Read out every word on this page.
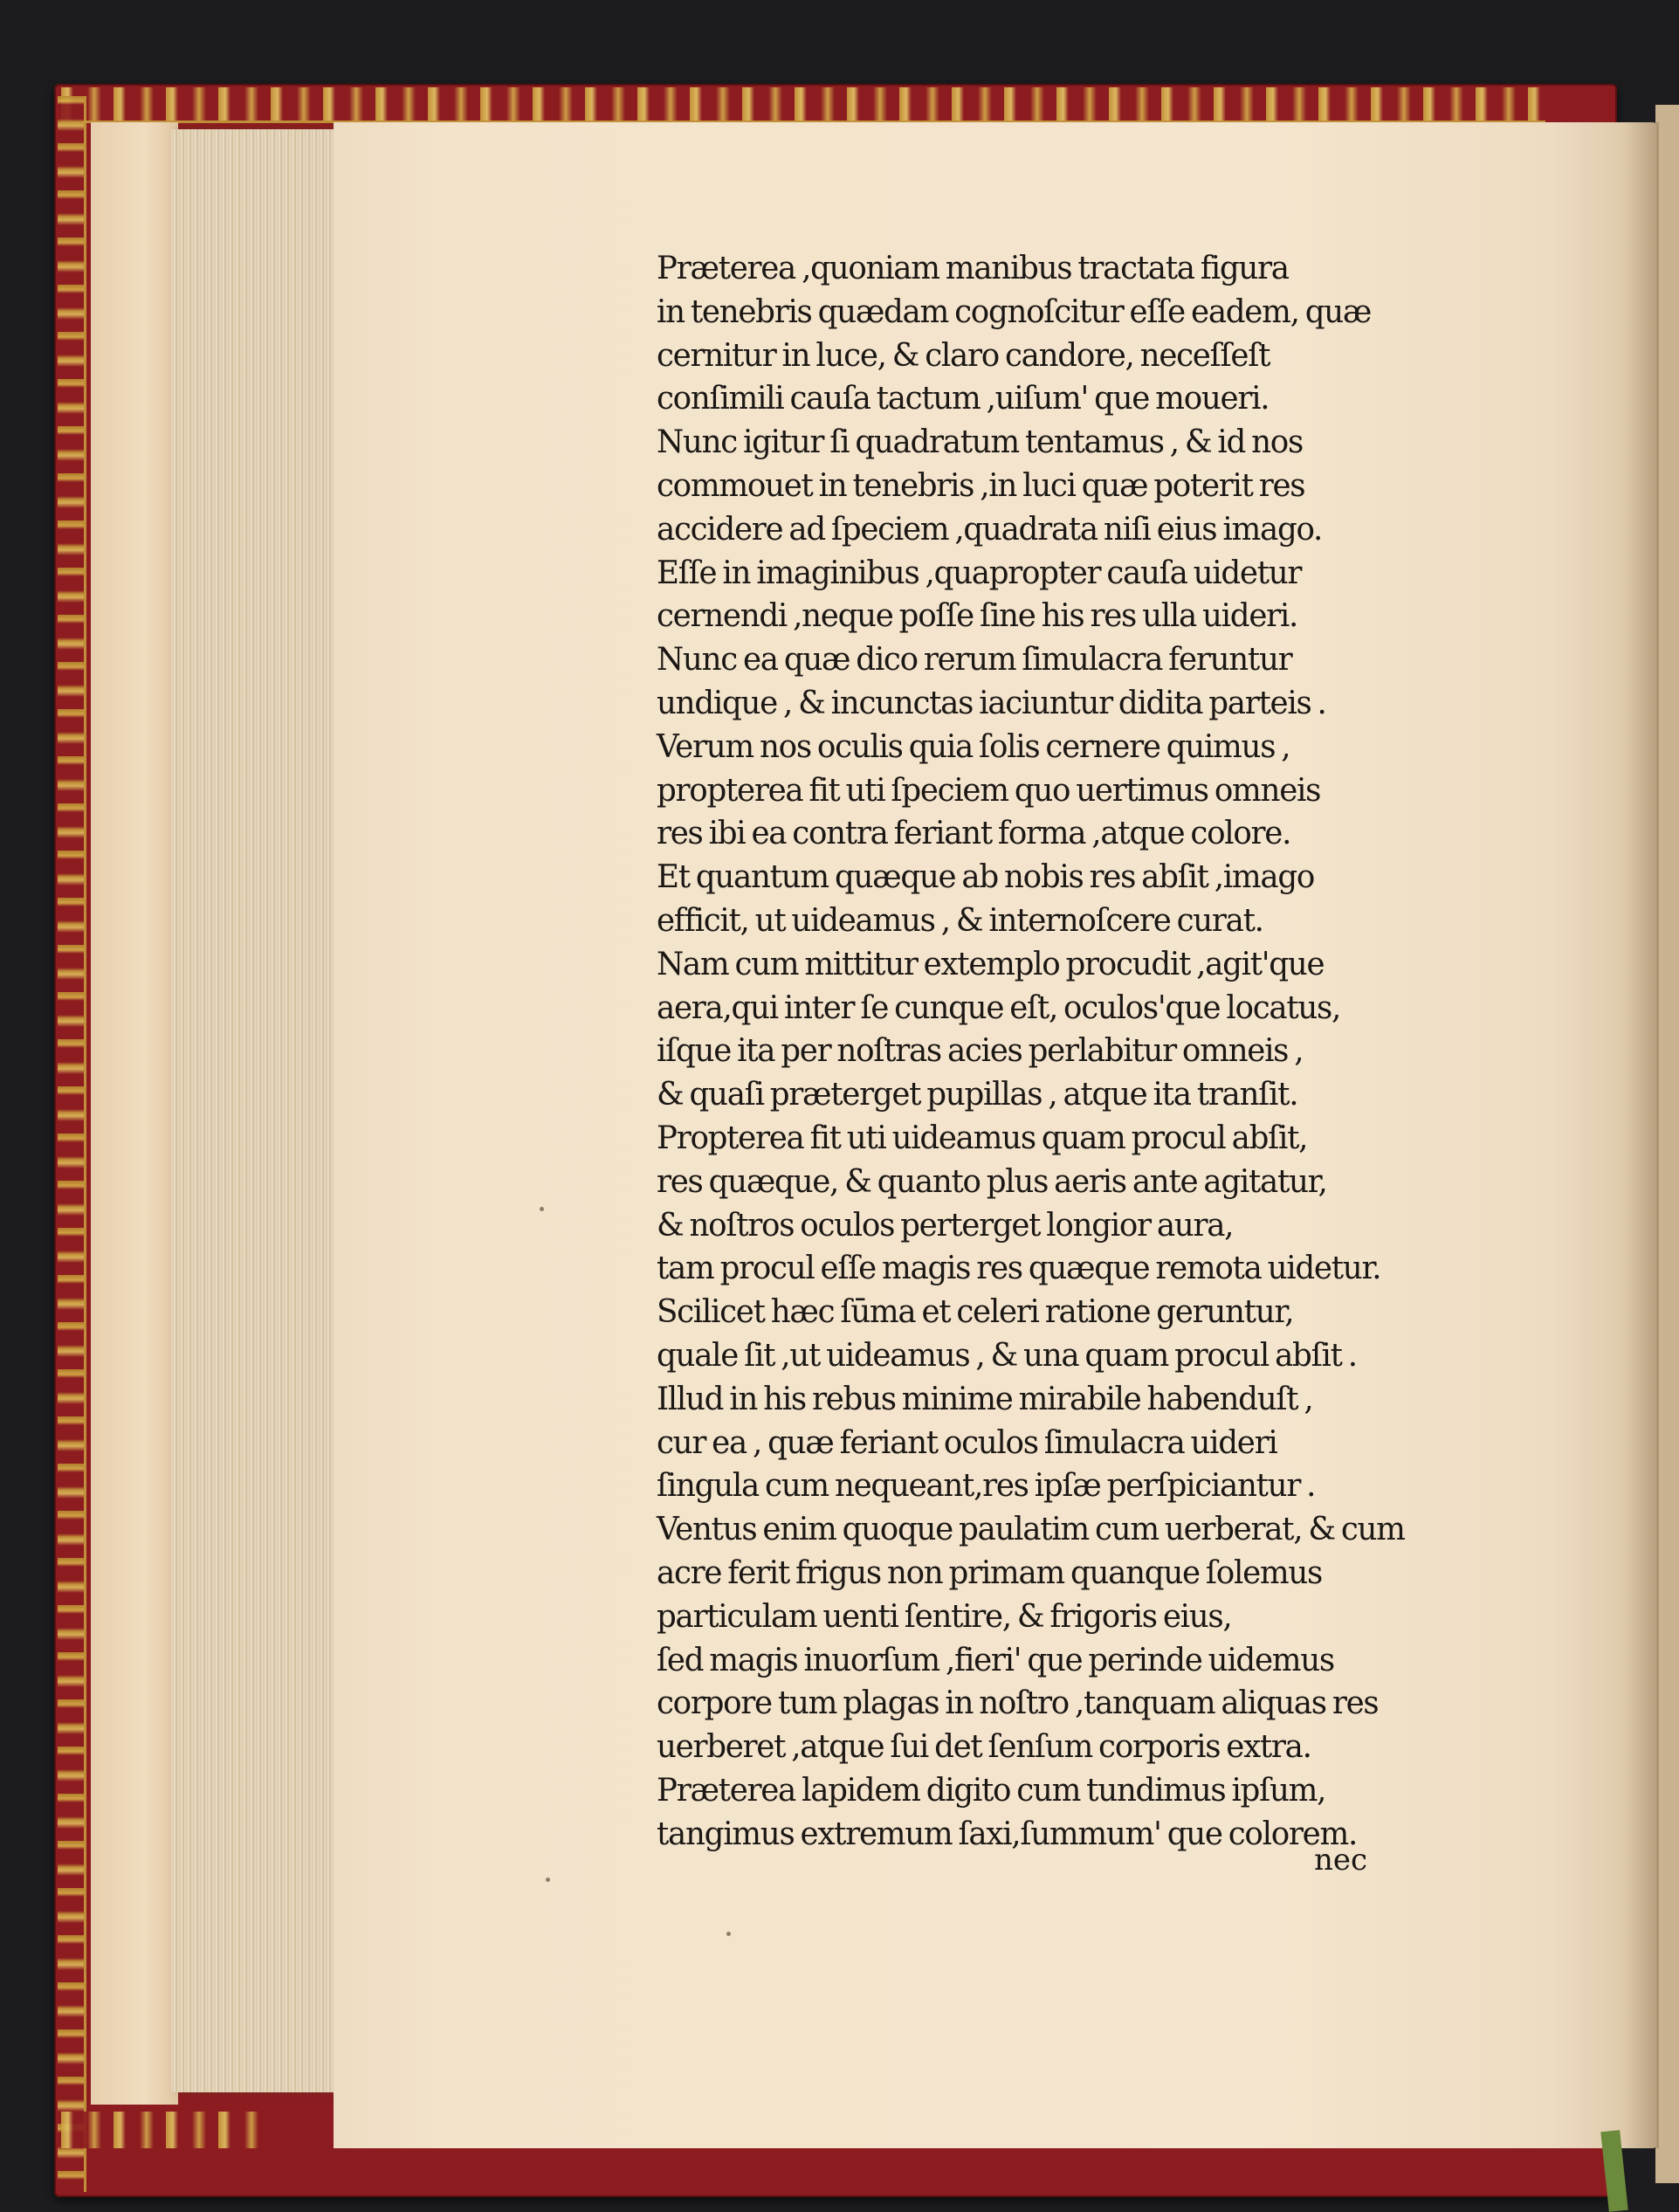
Præterea ,quoniam manibus tractata figura
in tenebris quædam cognoſcitur eſſe eadem, quæ
cernitur in luce, & claro candore, neceſſeſt
conſimili cauſa tactum ,uiſum' que moueri.
Nunc igitur ſi quadratum tentamus , & id nos
commouet in tenebris ,in luci quæ poterit res
accidere ad ſpeciem ,quadrata niſi eius imago.
Eſſe in imaginibus ,quapropter cauſa uidetur
cernendi ,neque poſſe ſine his res ulla uideri.
Nunc ea quæ dico rerum ſimulacra feruntur
undique , & incunctas iaciuntur didita parteis .
Verum nos oculis quia ſolis cernere quimus ,
propterea fit uti ſpeciem quo uertimus omneis
res ibi ea contra feriant forma ,atque colore.
Et quantum quæque ab nobis res abſit ,imago
efficit, ut uideamus , & internoſcere curat.
Nam cum mittitur extemplo procudit ,agit'que
aera,qui inter ſe cunque eſt, oculos'que locatus,
iſque ita per noſtras acies perlabitur omneis ,
& quaſi præterget pupillas , atque ita tranſit.
Propterea fit uti uideamus quam procul abſit,
res quæque, & quanto plus aeris ante agitatur,
& noſtros oculos perterget longior aura,
tam procul eſſe magis res quæque remota uidetur.
Scilicet hæc ſūma et celeri ratione geruntur,
quale ſit ,ut uideamus , & una quam procul abſit .
Illud in his rebus minime mirabile habenduſt ,
cur ea , quæ feriant oculos ſimulacra uideri
ſingula cum nequeant,res ipſæ perſpiciantur .
Ventus enim quoque paulatim cum uerberat, & cum
acre ferit frigus non primam quanque ſolemus
particulam uenti ſentire, & frigoris eius,
ſed magis inuorſum ,fieri' que perinde uidemus
corpore tum plagas in noſtro ,tanquam aliquas res
uerberet ,atque ſui det ſenſum corporis extra.
Præterea lapidem digito cum tundimus ipſum,
tangimus extremum ſaxi,ſummum' que colorem.
nec
